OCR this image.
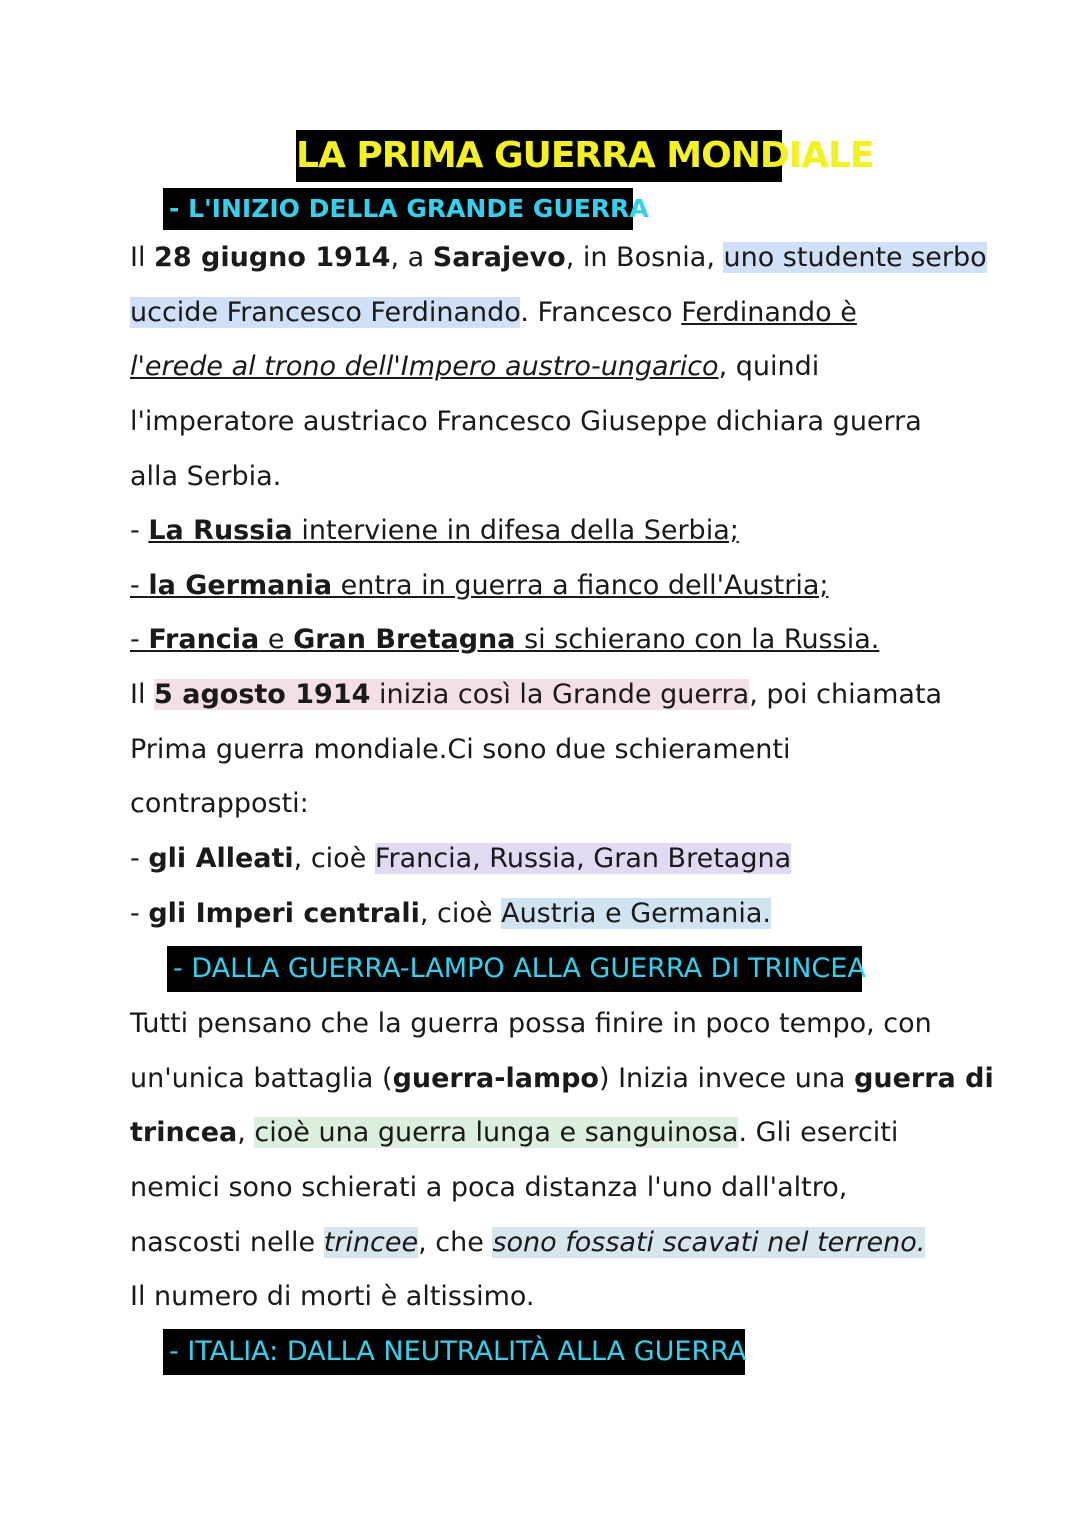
LA PRIMA GUERRA MONDIALE
- L'INIZIO DELLA GRANDE GUERRA
Il 28 giugno 1914, a Sarajevo, in Bosnia, uno studente serbo
uccide Francesco Ferdinando. Francesco Ferdinando è
l'erede al trono dell'Impero austro-ungarico, quindi
l'imperatore austriaco Francesco Giuseppe dichiara guerra
alla Serbia.
- La Russia interviene in difesa della Serbia;
- la Germania entra in guerra a fianco dell'Austria;
- Francia e Gran Bretagna si schierano con la Russia.
Il 5 agosto 1914 inizia così la Grande guerra, poi chiamata
Prima guerra mondiale.Ci sono due schieramenti
contrapposti:
- gli Alleati, cioè Francia, Russia, Gran Bretagna
- gli Imperi centrali, cioè Austria e Germania.
- DALLA GUERRA-LAMPO ALLA GUERRA DI TRINCEA
Tutti pensano che la guerra possa finire in poco tempo, con
un'unica battaglia (guerra-lampo) Inizia invece una guerra di
trincea, cioè una guerra lunga e sanguinosa. Gli eserciti
nemici sono schierati a poca distanza l'uno dall'altro,
nascosti nelle trincee, che sono fossati scavati nel terreno.
Il numero di morti è altissimo.
- ITALIA: DALLA NEUTRALITÀ ALLA GUERRA
